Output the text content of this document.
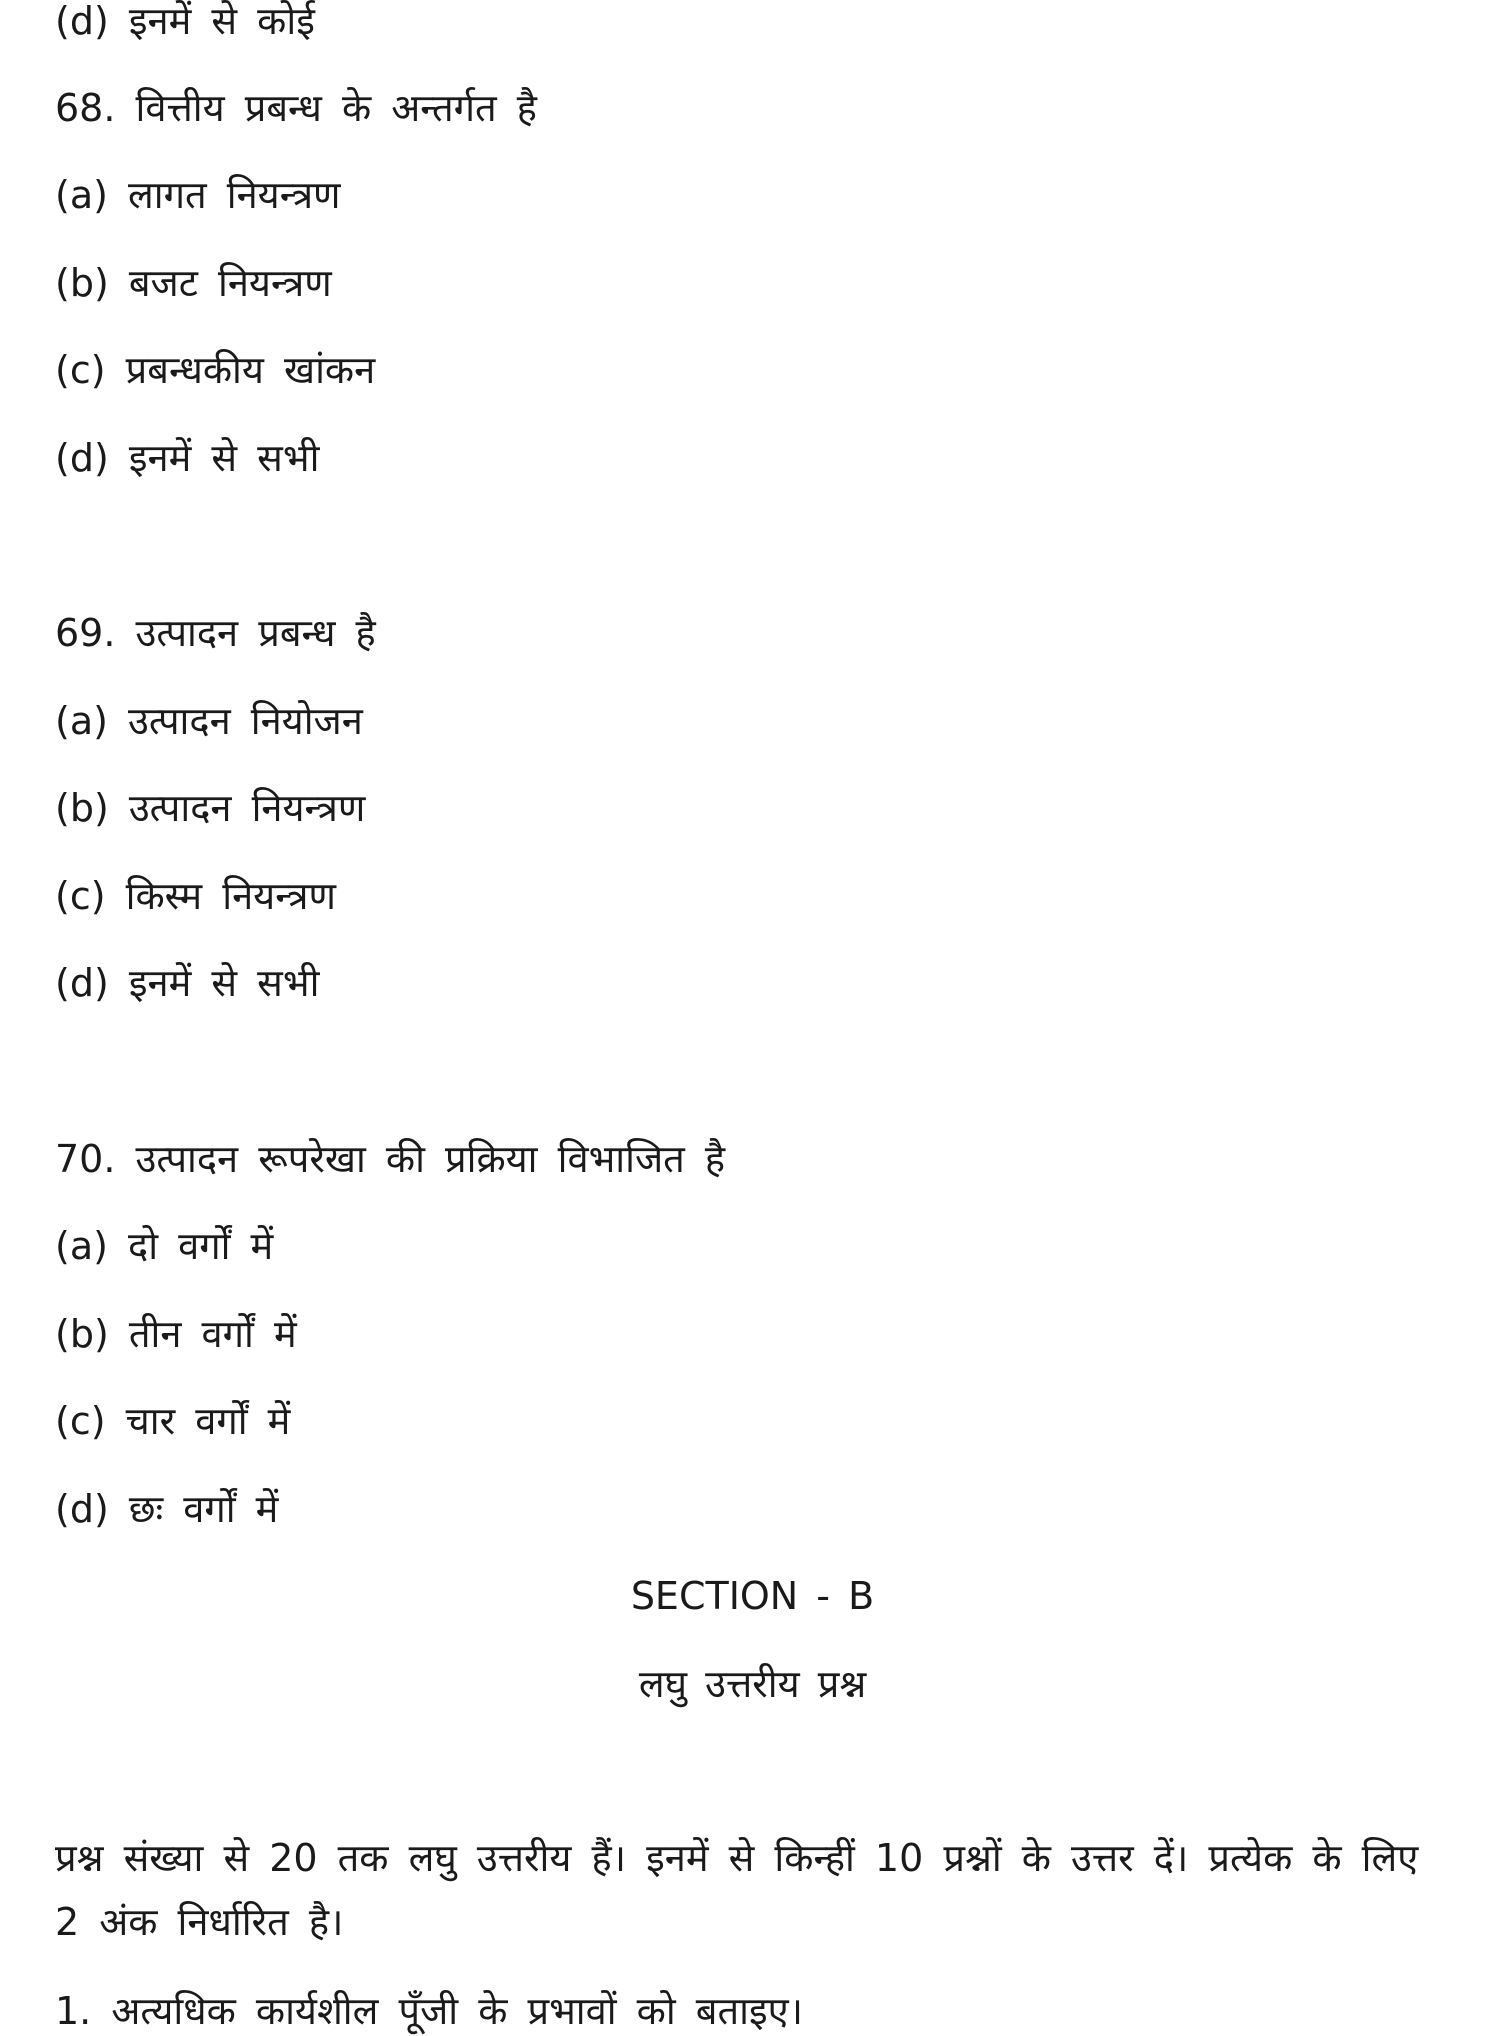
(d) इनमें से कोई
68. वित्तीय प्रबन्ध के अन्तर्गत है
(a) लागत नियन्त्रण
(b) बजट नियन्त्रण
(c) प्रबन्धकीय खांकन
(d) इनमें से सभी
69. उत्पादन प्रबन्ध है
(a) उत्पादन नियोजन
(b) उत्पादन नियन्त्रण
(c) किस्म नियन्त्रण
(d) इनमें से सभी
70. उत्पादन रूपरेखा की प्रक्रिया विभाजित है
(a) दो वर्गों में
(b) तीन वर्गों में
(c) चार वर्गों में
(d) छः वर्गों में
SECTION - B
लघु उत्तरीय प्रश्न
प्रश्न संख्या से 20 तक लघु उत्तरीय हैं। इनमें से किन्हीं 10 प्रश्नों के उत्तर दें। प्रत्येक के लिए 2 अंक निर्धारित है।
1. अत्यधिक कार्यशील पूँजी के प्रभावों को बताइए।
